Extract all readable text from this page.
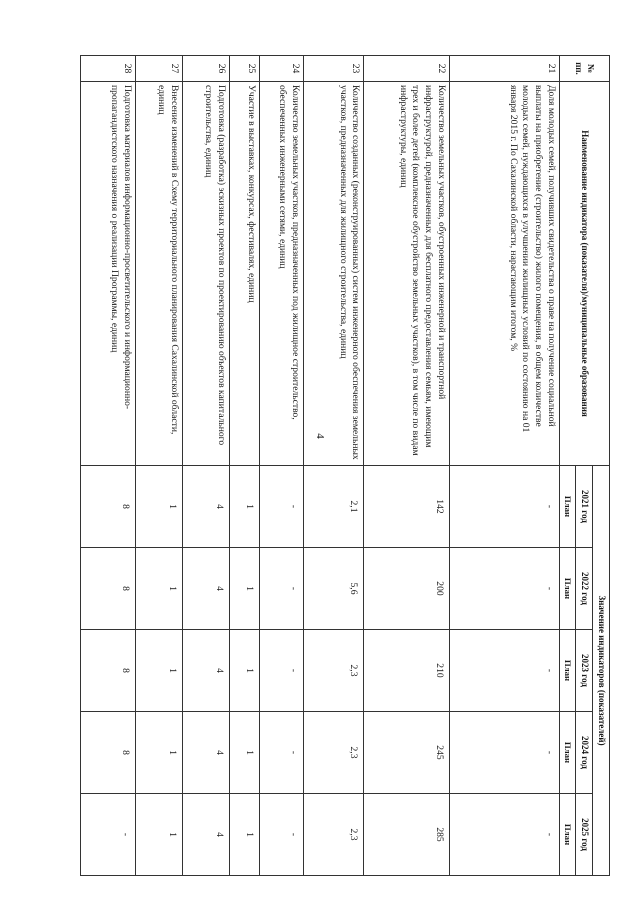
4
№ пп.	Наименование индикатора (показателя)/муниципальные образования	Значение индикаторов (показателей)				
		2021 год	2022 год	2023 год	2024 год	2025 год
		План	План	План	План	План
21	Доля молодых семей, получивших свидетельства о праве на получение социальной выплаты на приобретение (строительство) жилого помещения, в общем количестве молодых семей, нуждающихся в улучшении жилищных условий по состоянию на 01 января 2015 г. По Сахалинской области, нарастающим итогом, %	-	-	-	-	-
22	Количество земельных участков, обустроенных инженерной и транспортной инфраструктурой, предназначенных для бесплатного предоставления семьям, имеющим трех и более детей (комплексное обустройство земельных участков), в том числе по видам инфраструктуры, единиц	142	200	210	245	285
23	Количество созданных (реконструированных) систем инженерного обеспечения земельных участков, предназначенных для жилищного строительства, единиц	2,1	5,6	2,3	2,3	2,3
24	Количество земельных участков, предназначенных под жилищное строительство, обеспеченных инженерными сетями, единиц	-	-	-	-	-
25	Участие в выставках, конкурсах, фестивалях, единиц	1	1	1	1	1
26	Подготовка (разработка) эскизных проектов по проектированию объектов капитального строительства, единиц	4	4	4	4	4
27	Внесение изменений в Схему территориального планирования Сахалинской области, единиц	1	1	1	1	1
28	Подготовка материалов информационно-просветительского и информационно-пропагандистского назначения о реализации Программы, единиц	8	8	8	8	-
